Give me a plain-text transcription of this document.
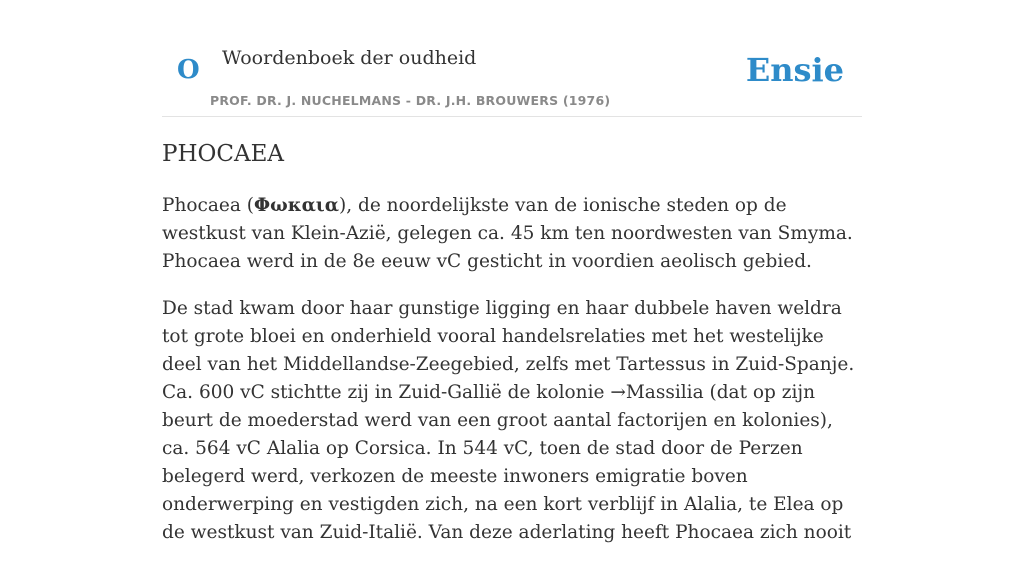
O Woordenboek der oudheid
PROF. DR. J. NUCHELMANS - DR. J.H. BROUWERS (1976)
Ensie
PHOCAEA

Phocaea (Φωκαια), de noordelijkste van de ionische steden op de westkust van Klein-Azië, gelegen ca. 45 km ten noordwesten van Smyma. Phocaea werd in de 8e eeuw vC gesticht in voordien aeolisch gebied.

De stad kwam door haar gunstige ligging en haar dubbele haven weldra tot grote bloei en onderhield vooral handelsrelaties met het westelijke deel van het Middellandse-Zeegebied, zelfs met Tartessus in Zuid-Spanje. Ca. 600 vC stichtte zij in Zuid-Gallië de kolonie →Massilia (dat op zijn beurt de moederstad werd van een groot aantal factorijen en kolonies), ca. 564 vC Alalia op Corsica. In 544 vC, toen de stad door de Perzen belegerd werd, verkozen de meeste inwoners emigratie boven onderwerping en vestigden zich, na een kort verblijf in Alalia, te Elea op de westkust van Zuid-Italië. Van deze aderlating heeft Phocaea zich nooit
